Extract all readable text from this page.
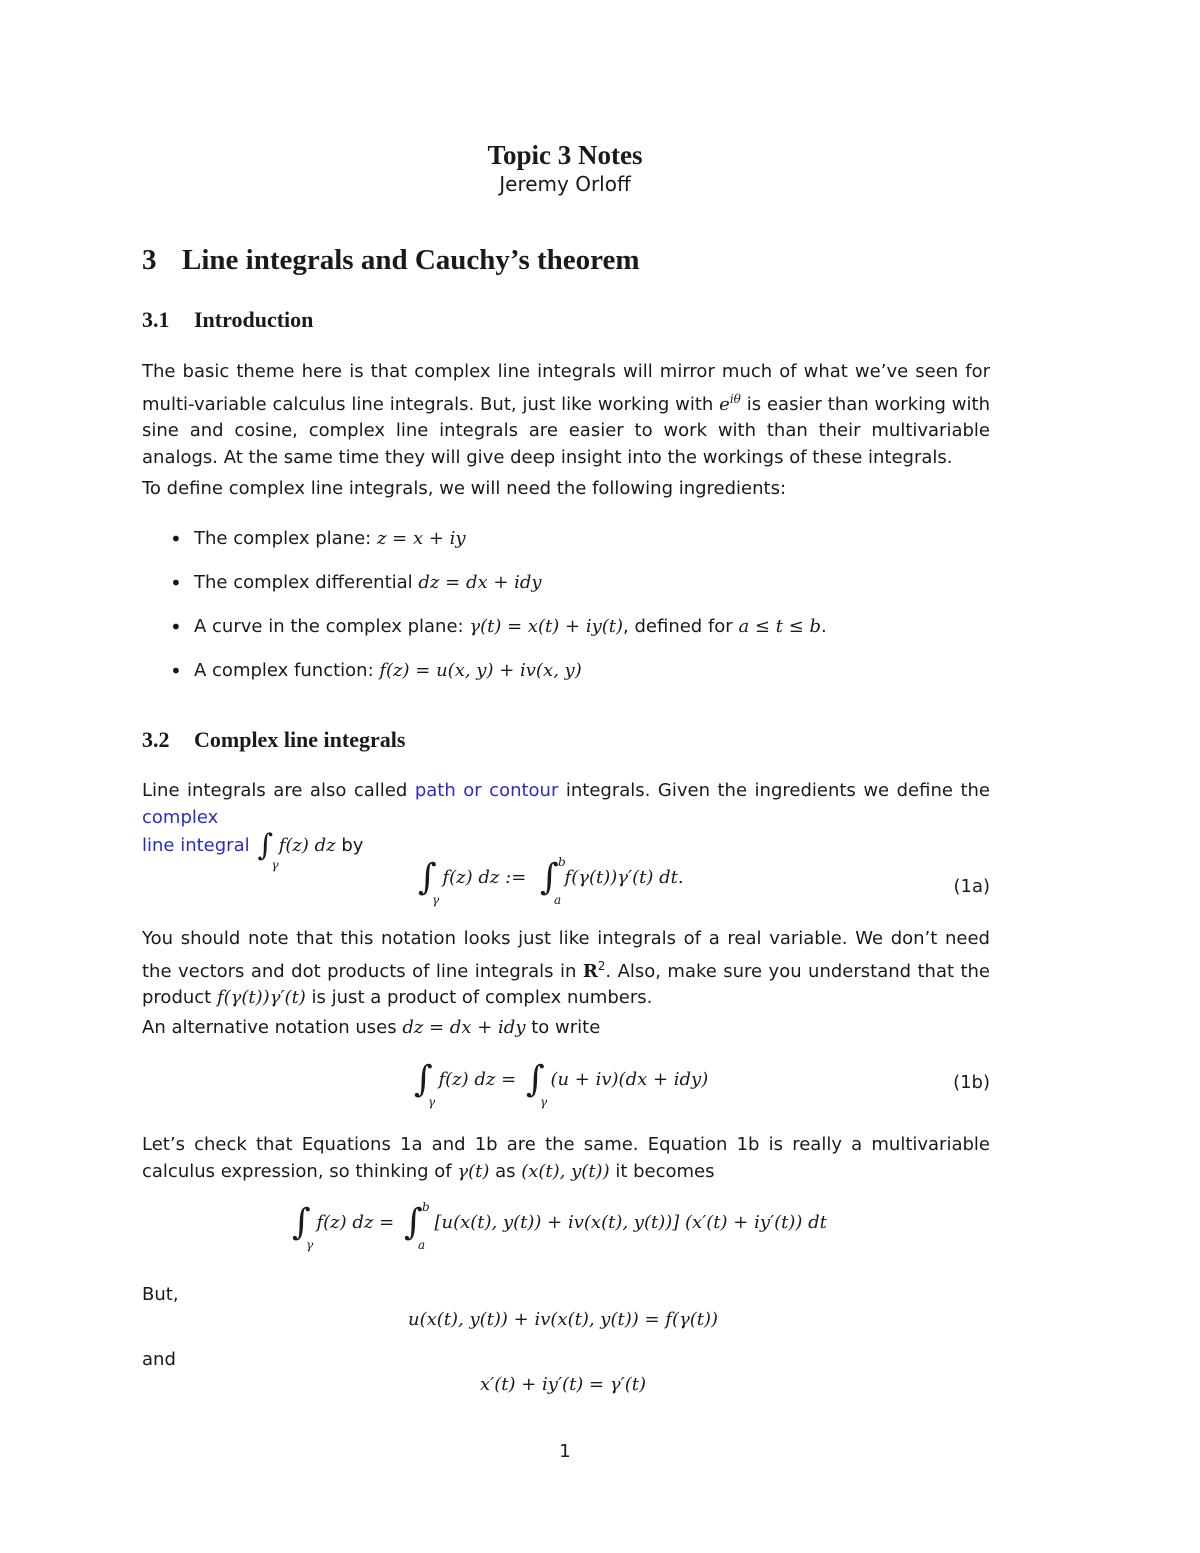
Topic 3 Notes
Jeremy Orloff
3 Line integrals and Cauchy’s theorem
3.1 Introduction

The basic theme here is that complex line integrals will mirror much of what we’ve seen for multi-variable calculus line integrals. But, just like working with $e^{i\theta}$ is easier than working with sine and cosine, complex line integrals are easier to work with than their multivariable analogs. At the same time they will give deep insight into the workings of these integrals.

To define complex line integrals, we will need the following ingredients:

• The complex plane: z = x + iy
• The complex differential dz = dx + idy
• A curve in the complex plane: γ(t) = x(t) + iy(t), defined for a ≤ t ≤ b.
• A complex function: f(z) = u(x, y) + iv(x, y)
3.2 Complex line integrals

Line integrals are also called path or contour integrals. Given the ingredients we define the complex
line integral ∫
γ
f(z) dz by

∫
γ
f(z) dz := ∫ b
a
f(γ(t))γ′(t) dt.	(1a)

You should note that this notation looks just like integrals of a real variable. We don’t need the vectors and dot products of line integrals in $R^2$. Also, make sure you understand that the product f(γ(t))γ′(t) is just a product of complex numbers.

An alternative notation uses dz = dx + idy to write

∫
γ
f(z) dz = ∫
γ
(u + iv)(dx + idy)	(1b)

Let’s check that Equations 1a and 1b are the same. Equation 1b is really a multivariable calculus expression, so thinking of γ(t) as (x(t), y(t)) it becomes

∫
γ
f(z) dz = ∫ b
a
[u(x(t), y(t)) + iv(x(t), y(t))] (x′(t) + iy′(t)) dt
But,
u(x(t), y(t)) + iv(x(t), y(t)) = f(γ(t))
and
x′(t) + iy′(t) = γ′(t)
1
